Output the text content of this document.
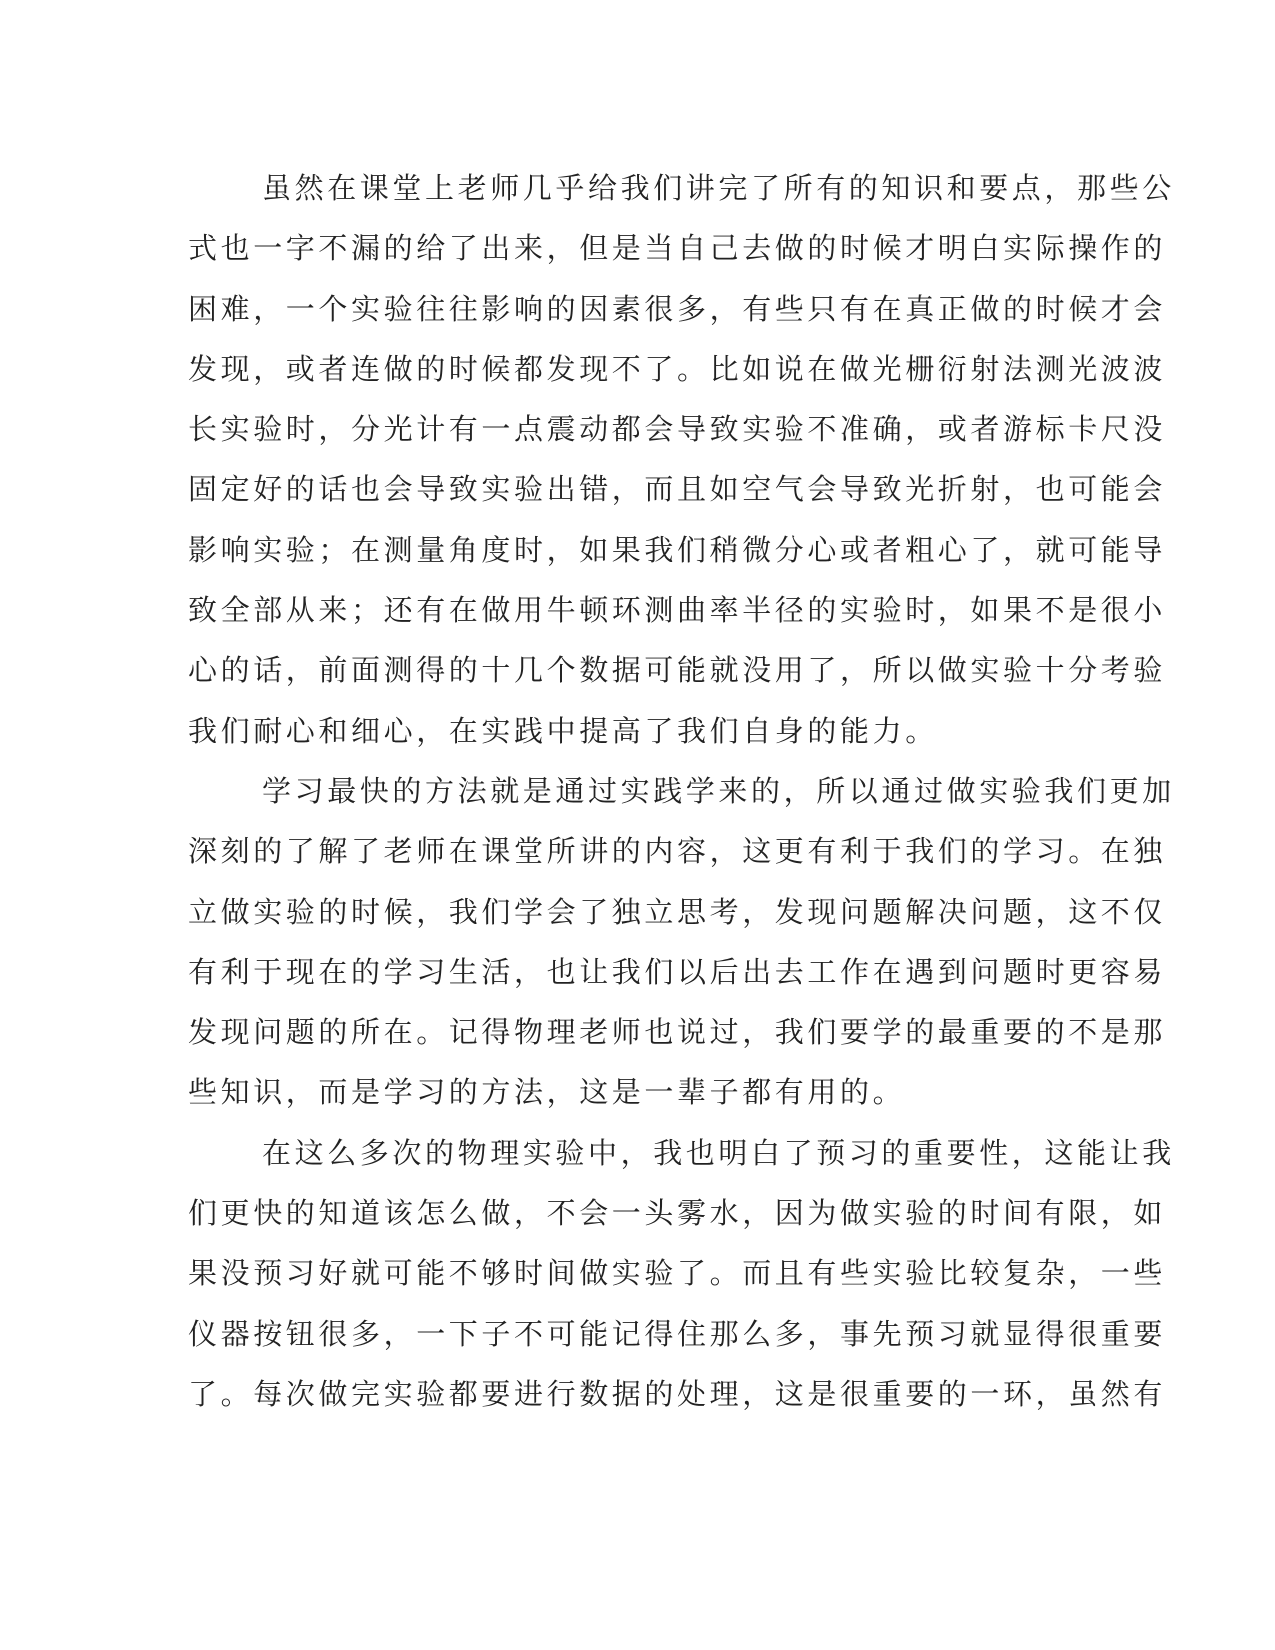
虽然在课堂上老师几乎给我们讲完了所有的知识和要点，那些公
式也一字不漏的给了出来，但是当自己去做的时候才明白实际操作的
困难，一个实验往往影响的因素很多，有些只有在真正做的时候才会
发现，或者连做的时候都发现不了。比如说在做光栅衍射法测光波波
长实验时，分光计有一点震动都会导致实验不准确，或者游标卡尺没
固定好的话也会导致实验出错，而且如空气会导致光折射，也可能会
影响实验；在测量角度时，如果我们稍微分心或者粗心了，就可能导
致全部从来；还有在做用牛顿环测曲率半径的实验时，如果不是很小
心的话，前面测得的十几个数据可能就没用了，所以做实验十分考验
我们耐心和细心，在实践中提高了我们自身的能力。

学习最快的方法就是通过实践学来的，所以通过做实验我们更加
深刻的了解了老师在课堂所讲的内容，这更有利于我们的学习。在独
立做实验的时候，我们学会了独立思考，发现问题解决问题，这不仅
有利于现在的学习生活，也让我们以后出去工作在遇到问题时更容易
发现问题的所在。记得物理老师也说过，我们要学的最重要的不是那
些知识，而是学习的方法，这是一辈子都有用的。

在这么多次的物理实验中，我也明白了预习的重要性，这能让我
们更快的知道该怎么做，不会一头雾水，因为做实验的时间有限，如
果没预习好就可能不够时间做实验了。而且有些实验比较复杂，一些
仪器按钮很多，一下子不可能记得住那么多，事先预习就显得很重要
了。每次做完实验都要进行数据的处理，这是很重要的一环，虽然有
